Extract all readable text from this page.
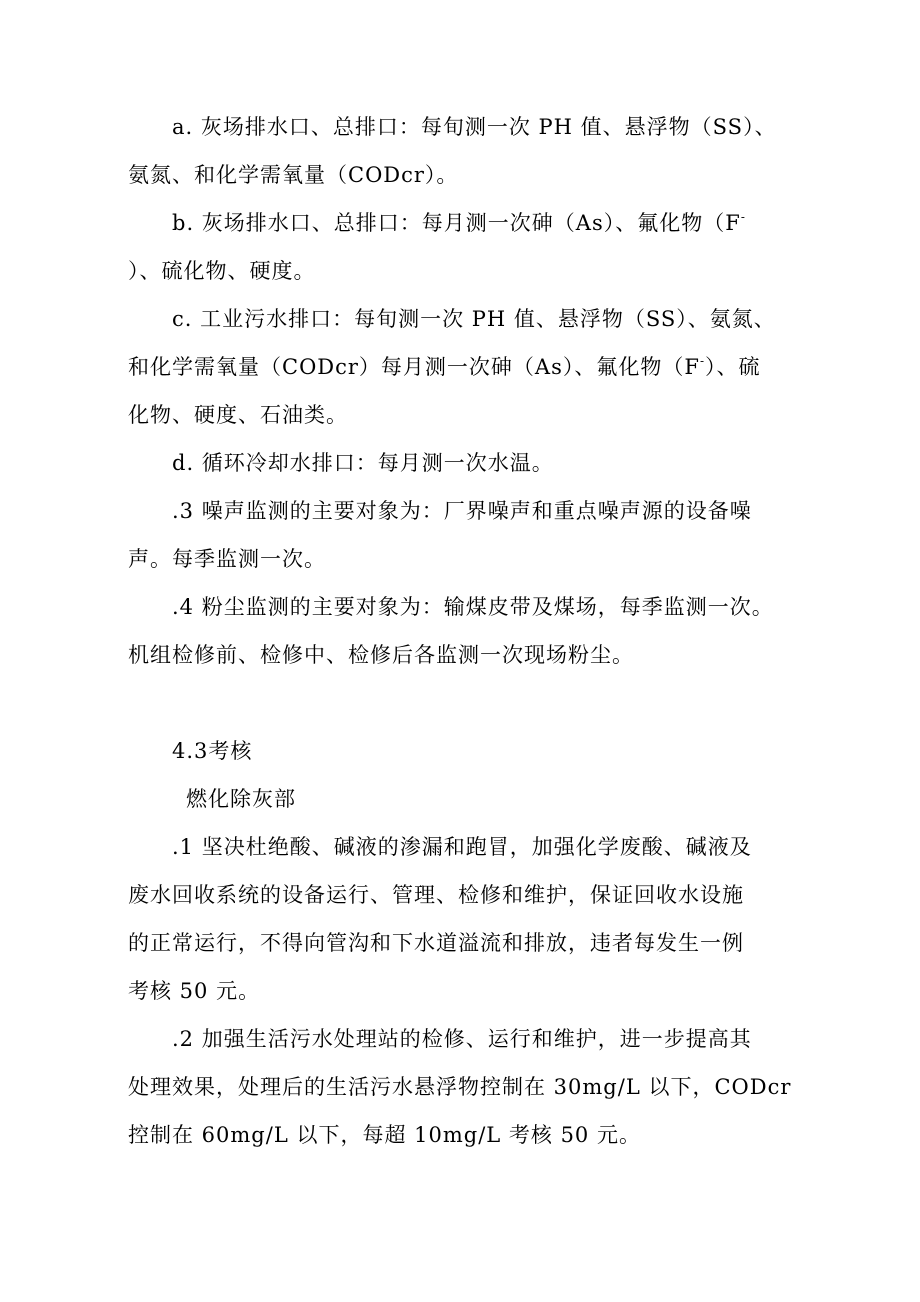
a. 灰场排水口、总排口：每旬测一次 PH 值、悬浮物（SS）、
氨氮、和化学需氧量（CODcr）。
b. 灰场排水口、总排口：每月测一次砷（As）、氟化物（F-
）、硫化物、硬度。
c. 工业污水排口：每旬测一次 PH 值、悬浮物（SS）、氨氮、
和化学需氧量（CODcr）每月测一次砷（As）、氟化物（F-）、硫
化物、硬度、石油类。
d. 循环冷却水排口：每月测一次水温。
.3 噪声监测的主要对象为：厂界噪声和重点噪声源的设备噪
声。每季监测一次。
.4 粉尘监测的主要对象为：输煤皮带及煤场，每季监测一次。
机组检修前、检修中、检修后各监测一次现场粉尘。
4.3考核
燃化除灰部
.1 坚决杜绝酸、碱液的渗漏和跑冒，加强化学废酸、碱液及
废水回收系统的设备运行、管理、检修和维护，保证回收水设施
的正常运行，不得向管沟和下水道溢流和排放，违者每发生一例
考核 50 元。
.2 加强生活污水处理站的检修、运行和维护，进一步提高其
处理效果，处理后的生活污水悬浮物控制在 30mg/L 以下，CODcr
控制在 60mg/L 以下，每超 10mg/L 考核 50 元。
